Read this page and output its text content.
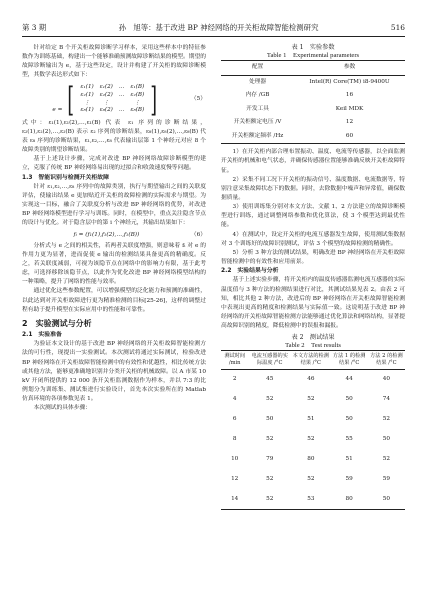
第 3 期	孙　旭等：基于改进 BP 神经网络的开关柜故障智能检测研究	516

针对给定 B 个开关柜故障诊断学习样本，采用这些样本中的特征参数作为训练基础，构建出一个能够准确预测故障诊断结果的模型。期望的故障诊断输出为 e，基于这些设定，设计并构建了开关柜的故障诊断模型，其数学表达形式如下：

e = [ ε₁(1)	ε₁(2)	…	ε₁(B)
ε₂(1)	ε₂(2)	…	ε₂(B)
⋮	⋮		⋮
ε₈(1)	ε₈(2)	…	ε₈(B) ]	（5）

式中：ε₁(1),ε₁(2),…,ε₁(B) 代表 ε₁ 序列的诊断结果，ε₂(1),ε₂(2),…,ε₂(B) 表示 ε₂ 序列的诊断结果，ε₈(1),ε₈(2),…,ε₈(B) 代表 ε₈ 序列的诊断结果，ε₁,ε₂,…,ε₈ 代表输出层第 1 个神经元对应 8 个故障类别的期望诊断结果。

基于上述设计步骤，完成对改进 BP 神经网络故障诊断模型的建立，克服了传统 BP 神经网络易出现的过拟合和收敛速度慢等问题。

1.3　智能识别与检测开关柜故障

针对 ε₁,ε₂,…,ε₈ 序列中的故障类别，执行与期望输出之间的关联度评估，使输出结果 e 更加贴近开关柜的故障检测的实际需求与期望。为实现这一目标，融合了关联度分析与改进 BP 神经网络的优势，对改进 BP 神经网络模型进行学习与训练。同时，在模型中，重点关注隐含节点的设计与优化。对于隐含层中的第 i 个神经元，其输出结果如下：

fᵢ = (f₁(1),f₁(2),…,f₁(B))	（6）

分析式与 e 之间的相关性，若两者关联度增强，则意味着 fᵢ 对 e 的作用力更为显著，进而促使 e 输出的检测结果具备更高的精确度。反之，若关联度减弱，可视为该隐节点在网络中的影响力有限，基于此考虑，可选择移除该隐节点，以此作为优化改进 BP 神经网络模型结构的一种策略，提升了网络的性能与效率。

通过优化这些参数配置，可以增强模型的泛化能力和预测的准确性，以此达到对开关柜故障进行更为精准检测的目标[25-26]，这样的调整过程有助于提升模型在实际应用中的性能和可靠性。

2　实验测试与分析
2.1　实验准备

为验证本文设计的基于改进 BP 神经网络的开关柜故障智能检测方法的可行性，现提出一实验测试。本次测试将通过实际测试，检验改进 BP 神经网络在开关柜故障智能检测中的有效性和优越性，相比传统方法或其他方法，能够更准确地识别并分类开关柜的机械故障。以 A 市某 10 kV 开闭所提供的 12 000 条开关柜监测数据作为样本，并以 7:3 的比例划分为训练集、测试集进行实验设计，首先本次实验所在的 Matlab 仿真环境的各项参数见表 1。

本次测试的具体步骤：

表 1　实验参数
Table 1　Experimental parameters
配置	参数
处理器	Intel(R) Core(TM) i8-9400U
内存 /GB	16
开发工具	Keil MDK
开关柜额定电压 /V	12
开关柜额定频率 /Hz	60

1）在开关柜内部合理布置振动、温度、电流等传感器，以全面监测开关柜的机械和电气状态，并确保传感器位置能够准确反映开关柜故障特征。

2）采集不同工况下开关柜的振动信号、温度数据、电流数据等，特别注意采集故障状态下的数据。同时，去除数据中噪声和异常值，确保数据质量。

3）使用训练集分别对本文方法、文献 1、2 方法建立的故障诊断模型进行训练，通过调整网络参数和优化算法，使 3 个模型达到最优性能。

4）在测试中，设定开关柜的电流互感器发生故障，使用测试集数据对 3 个训练好的故障识别测试，评估 3 个模型的故障检测的精确性。

5）分析 3 种方法的测试结果，明确改进 BP 神经网络在开关柜故障智能检测中的有效性和应用前景。

2.2　实验结果与分析

基于上述实验步骤，将开关柜内的温度传感器监测电流互感器的实际温度值与 3 种方法的检测结果进行对比，其测试结果见表 2。由表 2 可知，相比其他 2 种方法，改进后的 BP 神经网络在开关柜故障智能检测中表现出更高的精度和检测结果与实际值一致。这说明基于改进 BP 神经网络的开关柜故障智能检测方法能够通过优化算法和网络结构，显著提高故障识别的精度，降低检测中的误报和漏报。

表 2　测试结果
Table 2　Test results
测试时间 /min	电流互感器的实际温度 /°C	本文方法的检测结果 /°C	方法 1 的检测结果 /°C	方法 2 的检测结果 /°C
2	45	46	44	40
4	52	52	50	74
6	50	51	50	52
8	52	52	55	50
10	79	80	51	52
12	52	52	59	59
14	52	53	80	50
